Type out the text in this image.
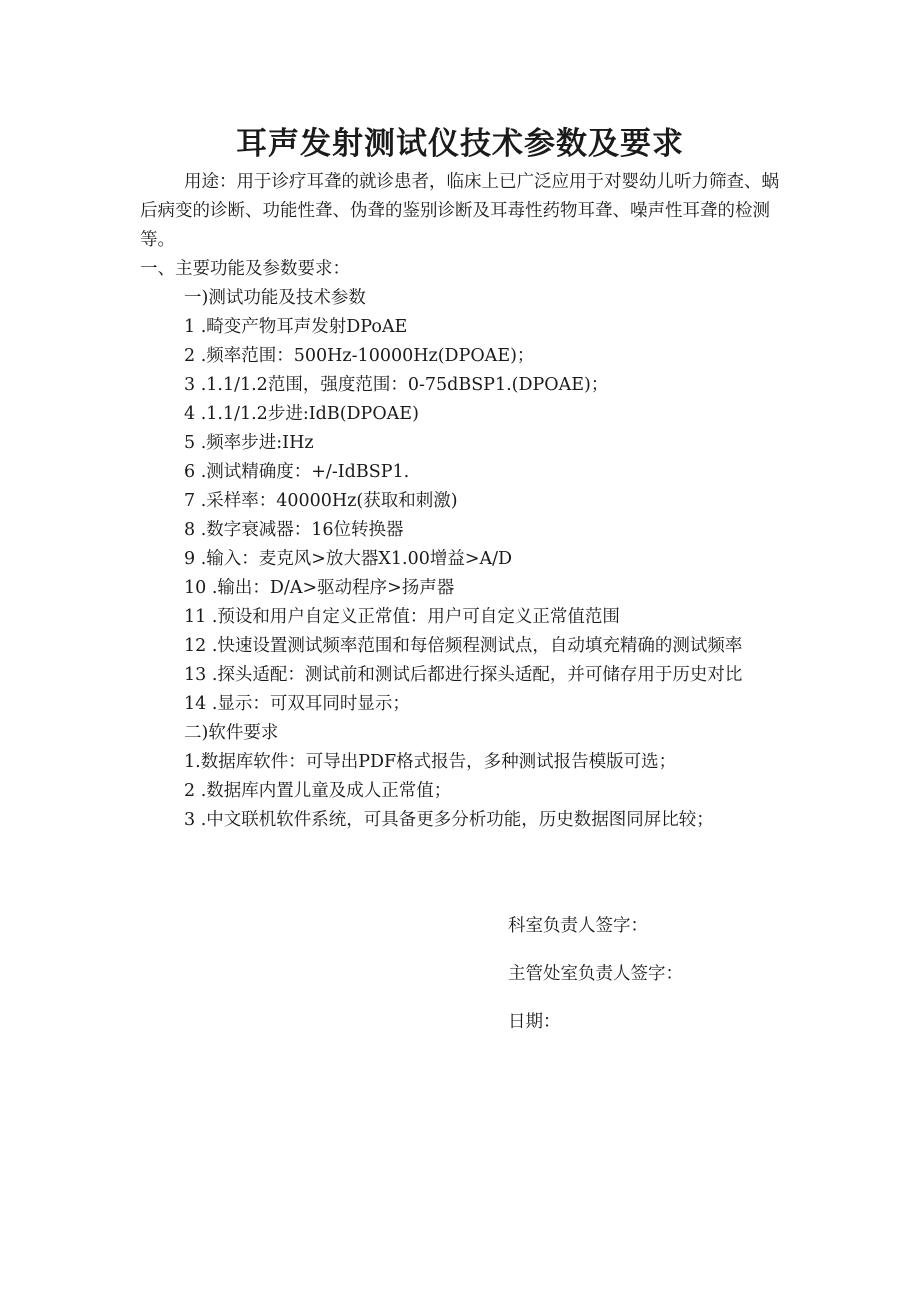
耳声发射测试仪技术参数及要求

用途：用于诊疗耳聋的就诊患者，临床上已广泛应用于对婴幼儿听力筛查、蜗后病变的诊断、功能性聋、伪聋的鉴别诊断及耳毒性药物耳聋、噪声性耳聋的检测等。

一、主要功能及参数要求：

一)测试功能及技术参数

1 .畸变产物耳声发射DPoAE

2 .频率范围：500Hz-10000Hz(DPOAE)；

3 .1.1/1.2范围，强度范围：0-75dBSP1.(DPOAE)；

4 .1.1/1.2步进:IdB(DPOAE)

5 .频率步进:IHz

6 .测试精确度：+/-IdBSP1.

7 .采样率：40000Hz(获取和刺激)

8 .数字衰减器：16位转换器

9 .输入：麦克风>放大器X1.00增益>A/D

10 .输出：D/A>驱动程序>扬声器

11 .预设和用户自定义正常值：用户可自定义正常值范围

12 .快速设置测试频率范围和每倍频程测试点，自动填充精确的测试频率

13 .探头适配：测试前和测试后都进行探头适配，并可储存用于历史对比

14 .显示：可双耳同时显示；

二)软件要求

1.数据库软件：可导出PDF格式报告，多种测试报告模版可选；

2 .数据库内置儿童及成人正常值；

3 .中文联机软件系统，可具备更多分析功能，历史数据图同屏比较；

科室负责人签字：
主管处室负责人签字：
日期：
